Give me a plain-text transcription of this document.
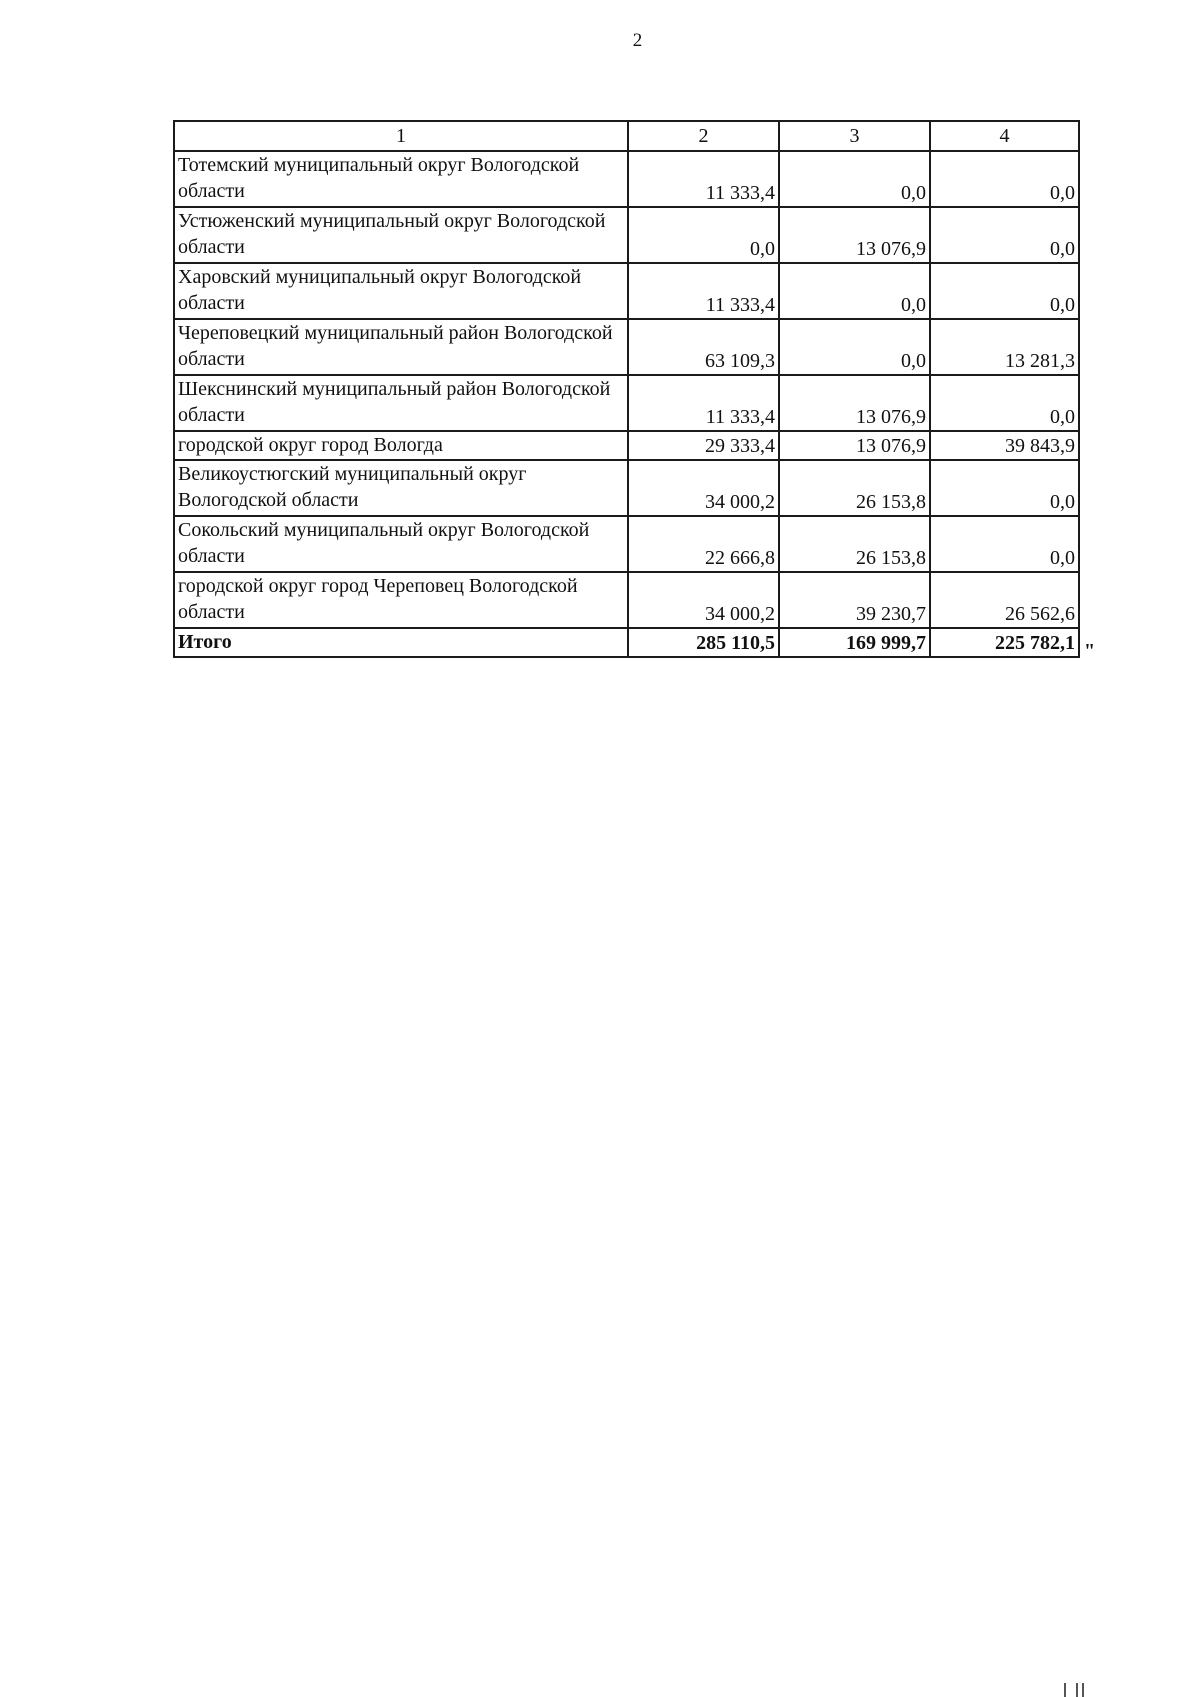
2
1	2	3	4
Тотемский муниципальный округ Вологодской области	11 333,4	0,0	0,0
Устюженский муниципальный округ Вологодской области	0,0	13 076,9	0,0
Харовский муниципальный округ Вологодской области	11 333,4	0,0	0,0
Череповецкий муниципальный район Вологодской области	63 109,3	0,0	13 281,3
Шекснинский муниципальный район Вологодской области	11 333,4	13 076,9	0,0
городской округ город Вологда	29 333,4	13 076,9	39 843,9
Великоустюгский муниципальный округ Вологодской области	34 000,2	26 153,8	0,0
Сокольский муниципальный округ Вологодской области	22 666,8	26 153,8	0,0
городской округ город Череповец Вологодской области	34 000,2	39 230,7	26 562,6
Итого	285 110,5	169 999,7	225 782,1 "
